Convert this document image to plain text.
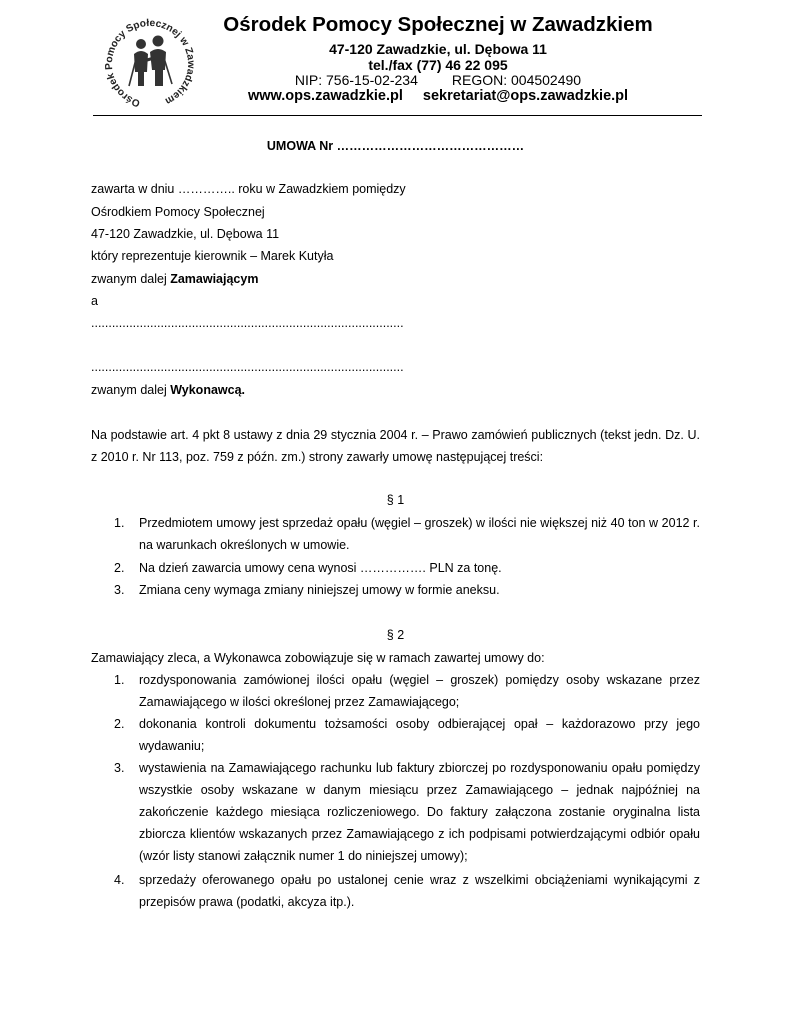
Ośrodek Pomocy Społecznej w Zawadzkiem
Ośrodek Pomocy Społecznej w Zawadzkiem
47-120 Zawadzkie, ul. Dębowa 11
tel./fax (77) 46 22 095
NIP: 756-15-02-234 REGON: 004502490
www.ops.zawadzkie.pl sekretariat@ops.zawadzkie.pl
UMOWA Nr ………………………………………
zawarta w dniu ………….. roku w Zawadzkiem pomiędzy
Ośrodkiem Pomocy Społecznej
47-120 Zawadzkie, ul. Dębowa 11
który reprezentuje kierownik – Marek Kutyła
zwanym dalej Zamawiającym
a
..........................................................................................
..........................................................................................
zwanym dalej Wykonawcą.
Na podstawie art. 4 pkt 8 ustawy z dnia 29 stycznia 2004 r. – Prawo zamówień publicznych (tekst jedn. Dz. U. z 2010 r. Nr 113, poz. 759 z późn. zm.) strony zawarły umowę następującej treści:
§ 1
1. Przedmiotem umowy jest sprzedaż opału (węgiel – groszek) w ilości nie większej niż 40 ton w 2012 r. na warunkach określonych w umowie.
2. Na dzień zawarcia umowy cena wynosi ……………. PLN za tonę.
3. Zmiana ceny wymaga zmiany niniejszej umowy w formie aneksu.
§ 2
Zamawiający zleca, a Wykonawca zobowiązuje się w ramach zawartej umowy do:
1. rozdysponowania zamówionej ilości opału (węgiel – groszek) pomiędzy osoby wskazane przez Zamawiającego w ilości określonej przez Zamawiającego;
2. dokonania kontroli dokumentu tożsamości osoby odbierającej opał – każdorazowo przy jego wydawaniu;
3. wystawienia na Zamawiającego rachunku lub faktury zbiorczej po rozdysponowaniu opału pomiędzy wszystkie osoby wskazane w danym miesiącu przez Zamawiającego – jednak najpóźniej na zakończenie każdego miesiąca rozliczeniowego. Do faktury załączona zostanie oryginalna lista zbiorcza klientów wskazanych przez Zamawiającego z ich podpisami potwierdzającymi odbiór opału (wzór listy stanowi załącznik numer 1 do niniejszej umowy);
4. sprzedaży oferowanego opału po ustalonej cenie wraz z wszelkimi obciążeniami wynikającymi z przepisów prawa (podatki, akcyza itp.).
